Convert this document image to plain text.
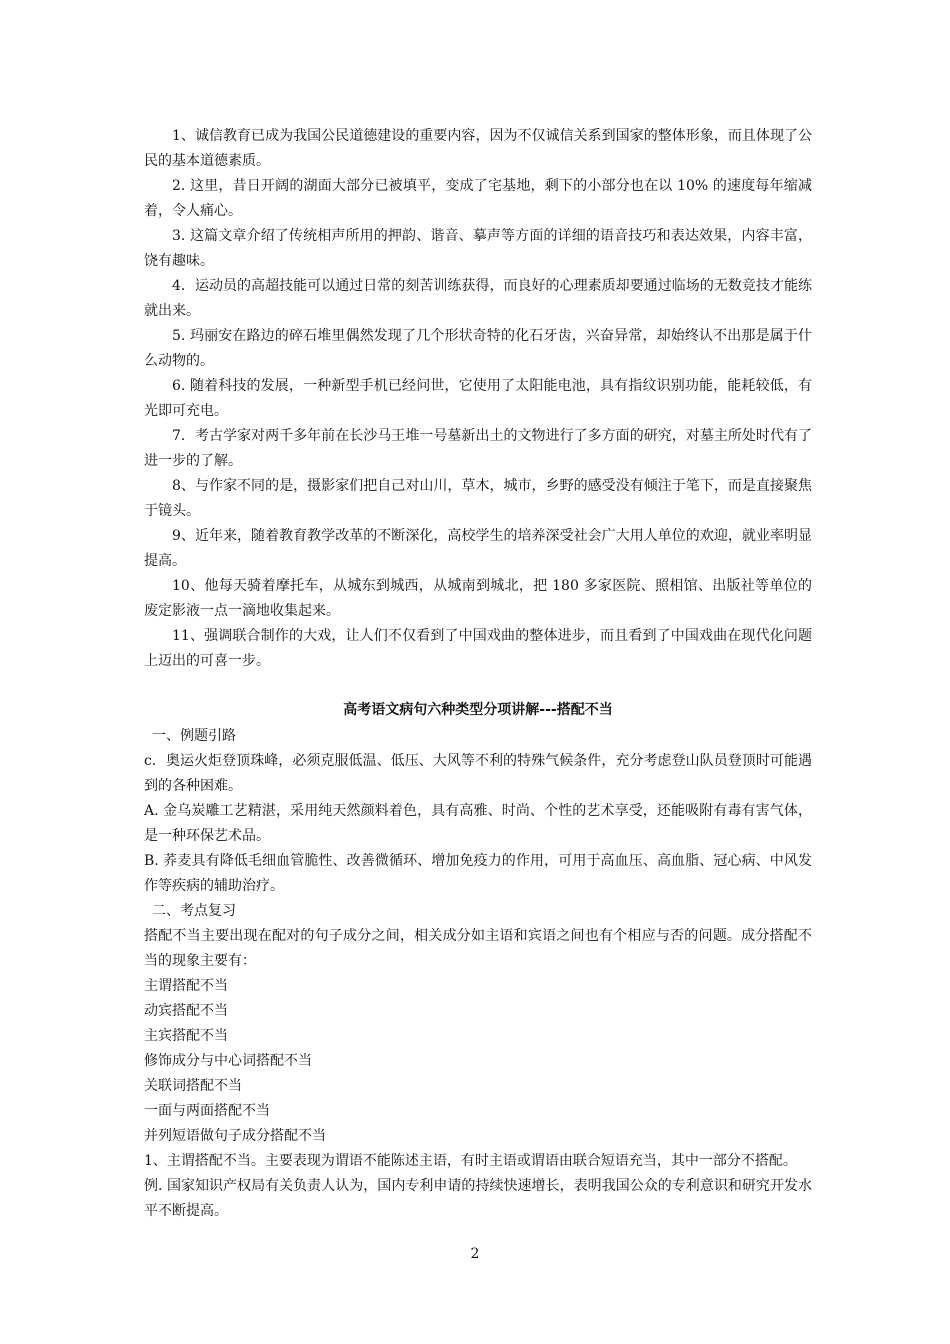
1、诚信教育已成为我国公民道德建设的重要内容，因为不仅诚信关系到国家的整体形象，而且体现了公民的基本道德素质。

2. 这里，昔日开阔的湖面大部分已被填平，变成了宅基地，剩下的小部分也在以 10% 的速度每年缩减着，令人痛心。

3. 这篇文章介绍了传统相声所用的押韵、谐音、摹声等方面的详细的语音技巧和表达效果，内容丰富，饶有趣味。

4．运动员的高超技能可以通过日常的刻苦训练获得，而良好的心理素质却要通过临场的无数竞技才能练就出来。

5. 玛丽安在路边的碎石堆里偶然发现了几个形状奇特的化石牙齿，兴奋异常，却始终认不出那是属于什么动物的。

6. 随着科技的发展，一种新型手机已经问世，它使用了太阳能电池，具有指纹识别功能，能耗较低，有光即可充电。

7．考古学家对两千多年前在长沙马王堆一号墓新出土的文物进行了多方面的研究，对墓主所处时代有了进一步的了解。

8、与作家不同的是，摄影家们把自己对山川，草木，城市，乡野的感受没有倾注于笔下，而是直接聚焦于镜头。

9、近年来，随着教育教学改革的不断深化，高校学生的培养深受社会广大用人单位的欢迎，就业率明显提高。

10、他每天骑着摩托车，从城东到城西，从城南到城北，把 180 多家医院、照相馆、出版社等单位的废定影液一点一滴地收集起来。

11、强调联合制作的大戏，让人们不仅看到了中国戏曲的整体进步，而且看到了中国戏曲在现代化问题上迈出的可喜一步。

高考语文病句六种类型分项讲解---搭配不当

一、例题引路

c．奥运火炬登顶珠峰，必须克服低温、低压、大风等不利的特殊气候条件，充分考虑登山队员登顶时可能遇到的各种困难。

A. 金乌炭雕工艺精湛，采用纯天然颜料着色，具有高雅、时尚、个性的艺术享受，还能吸附有毒有害气体，是一种环保艺术品。

B. 荞麦具有降低毛细血管脆性、改善微循环、增加免疫力的作用，可用于高血压、高血脂、冠心病、中风发作等疾病的辅助治疗。

二、考点复习

搭配不当主要出现在配对的句子成分之间，相关成分如主语和宾语之间也有个相应与否的问题。成分搭配不当的现象主要有：

主谓搭配不当

动宾搭配不当

主宾搭配不当

修饰成分与中心词搭配不当

关联词搭配不当

一面与两面搭配不当

并列短语做句子成分搭配不当

1、主谓搭配不当。主要表现为谓语不能陈述主语，有时主语或谓语由联合短语充当，其中一部分不搭配。

例. 国家知识产权局有关负责人认为，国内专利申请的持续快速增长，表明我国公众的专利意识和研究开发水平不断提高。

2
